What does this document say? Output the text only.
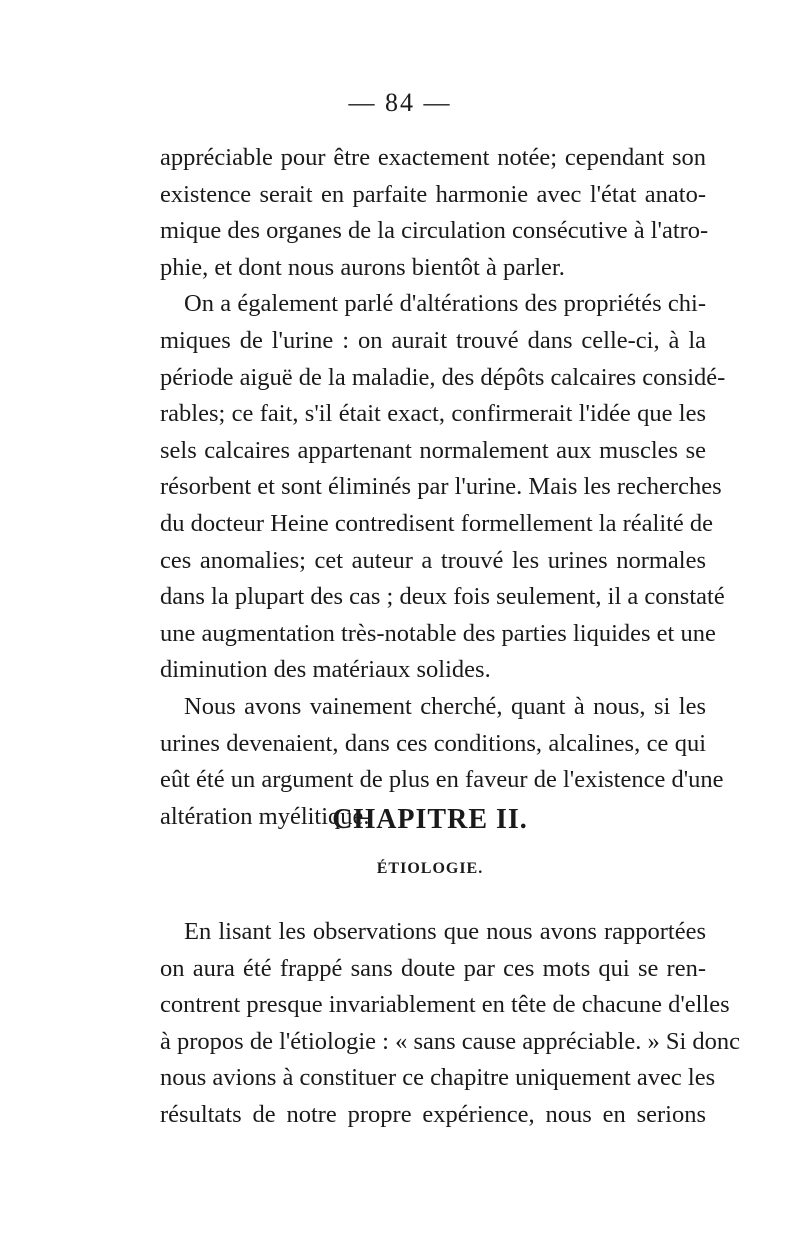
— 84 —

appréciable pour être exactement notée; cependant son
existence serait en parfaite harmonie avec l'état anato-
mique des organes de la circulation consécutive à l'atro-
phie, et dont nous aurons bientôt à parler.

On a également parlé d'altérations des propriétés chi-
miques de l'urine : on aurait trouvé dans celle-ci, à la
période aiguë de la maladie, des dépôts calcaires considé-
rables; ce fait, s'il était exact, confirmerait l'idée que les
sels calcaires appartenant normalement aux muscles se
résorbent et sont éliminés par l'urine. Mais les recherches
du docteur Heine contredisent formellement la réalité de
ces anomalies; cet auteur a trouvé les urines normales
dans la plupart des cas ; deux fois seulement, il a constaté
une augmentation très-notable des parties liquides et une
diminution des matériaux solides.

Nous avons vainement cherché, quant à nous, si les
urines devenaient, dans ces conditions, alcalines, ce qui
eût été un argument de plus en faveur de l'existence d'une
altération myélitique.

CHAPITRE II.
ÉTIOLOGIE.

En lisant les observations que nous avons rapportées
on aura été frappé sans doute par ces mots qui se ren-
contrent presque invariablement en tête de chacune d'elles
à propos de l'étiologie : « sans cause appréciable. » Si donc
nous avions à constituer ce chapitre uniquement avec les
résultats de notre propre expérience, nous en serions
